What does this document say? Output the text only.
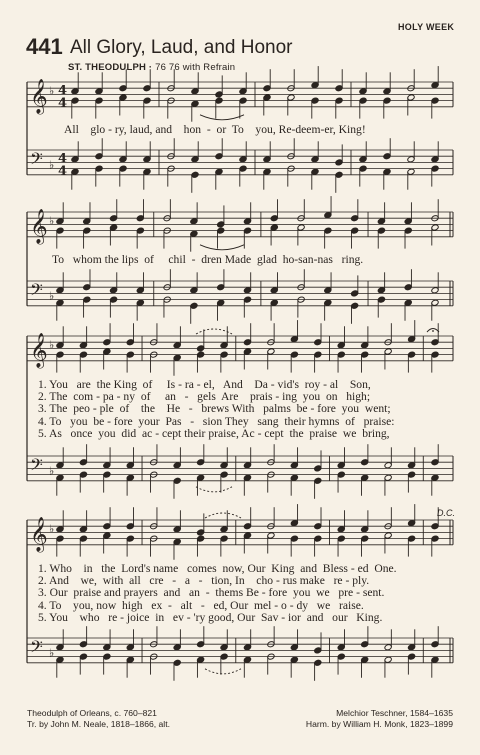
HOLY WEEK
441 All Glory, Laud, and Honor
ST. THEODULPH · 76 76 with Refrain
𝄞
𝄢
♭
♭
4
4
4
4
𝄞
𝄢
♭
♭
𝄞
𝄢
♭
♭
𝄞
𝄢
♭
♭
All    glo - ry, laud, and    hon  -  or  To    you, Re-deem-er, King!
To   whom the lips  of     chil  -  dren Made  glad  ho-san-nas   ring.
1. You   are  the King  of     Is - ra - el,   And    Da - vid's  roy - al    Son,
2. The  com - pa - ny  of     an   -   gels  Are    prais - ing  you  on   high;
3. The  peo - ple  of    the    He   -   brews With   palms  be - fore  you  went;
4. To   you  be - fore  your  Pas   -   sion They   sang  their hymns  of   praise:
5. As   once  you  did  ac - cept their praise, Ac - cept  the  praise  we  bring,
D.C.
1. Who    in   the  Lord's name   comes  now, Our  King  and  Bless - ed  One.
2. And    we,  with  all   cre   -   a   -   tion, In    cho - rus make   re - ply.
3. Our  praise and prayers  and   an  -  thems Be - fore  you  we   pre - sent.
4. To    you, now  high   ex  -   alt   -   ed, Our  mel - o - dy   we   raise.
5. You    who   re - joice  in   ev - 'ry good, Our  Sav - ior  and   our   King.
Theodulph of Orleans, c. 760–821
Tr. by John M. Neale, 1818–1866, alt.
Melchior Teschner, 1584–1635
Harm. by William H. Monk, 1823–1899
